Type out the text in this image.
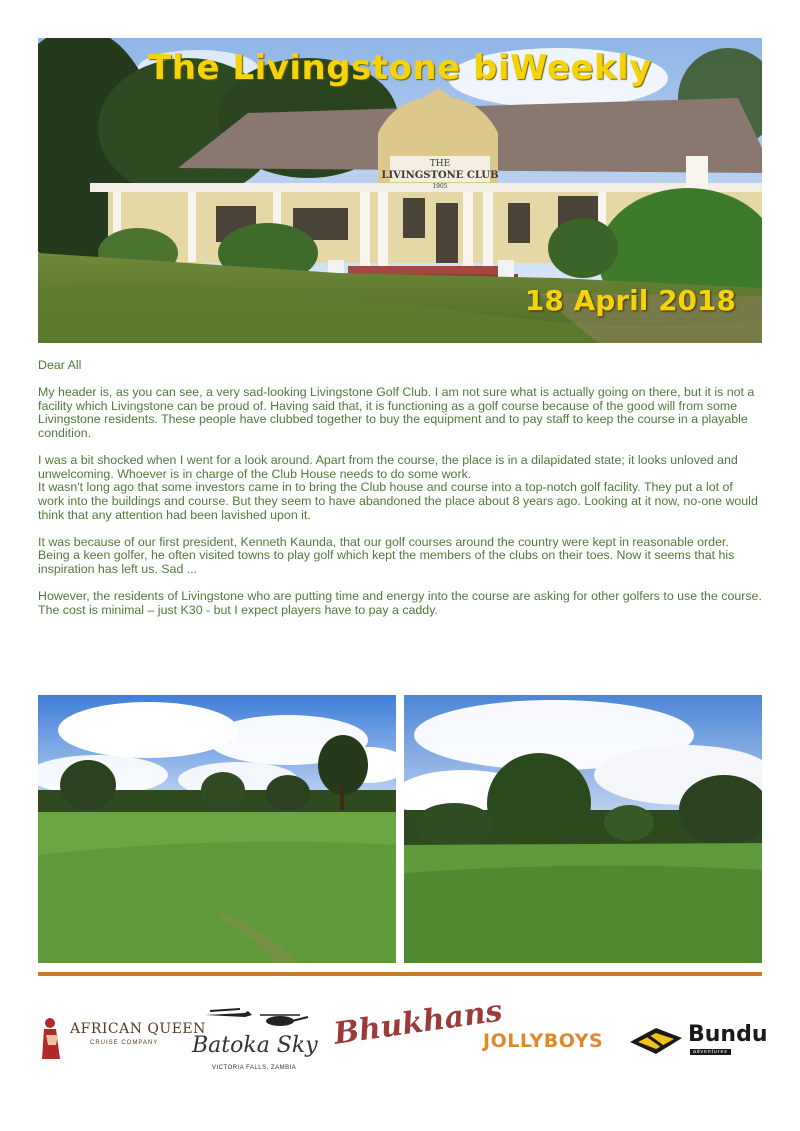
THE
LIVINGSTONE CLUB
1905
The Livingstone biWeekly
18 April 2018

Dear All

My header is, as you can see, a very sad-looking Livingstone Golf Club. I am not sure what is actually going on there, but it is not a facility which Livingstone can be proud of. Having said that, it is functioning as a golf course because of the good will from some Livingstone residents. These people have clubbed together to buy the equipment and to pay staff to keep the course in a playable condition.

I was a bit shocked when I went for a look around. Apart from the course, the place is in a dilapidated state; it looks unloved and unwelcoming. Whoever is in charge of the Club House needs to do some work.

It wasn't long ago that some investors came in to bring the Club house and course into a top-notch golf facility. They put a lot of work into the buildings and course. But they seem to have abandoned the place about 8 years ago. Looking at it now, no-one would think that any attention had been lavished upon it.

It was because of our first president, Kenneth Kaunda, that our golf courses around the country were kept in reasonable order. Being a keen golfer, he often visited towns to play golf which kept the members of the clubs on their toes. Now it seems that his inspiration has left us. Sad ...

However, the residents of Livingstone who are putting time and energy into the course are asking for other golfers to use the course. The cost is minimal – just K30 - but I expect players have to pay a caddy.

AFRICAN QUEEN
CRUISE COMPANY Batoka Sky
VICTORIA FALLS, ZAMBIA
Bhukhans
JOLLYBOYS	Bundu
adventures
